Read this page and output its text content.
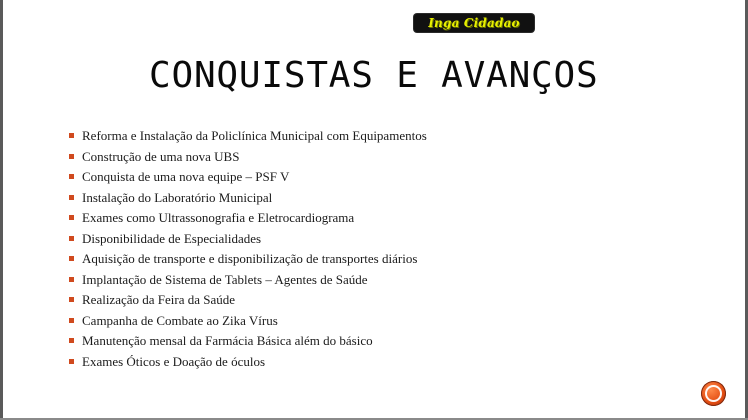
Inga Cidadao
CONQUISTAS E AVANÇOS
Reforma e Instalação da Policlínica Municipal com Equipamentos
Construção de uma nova UBS
Conquista de uma nova equipe – PSF V
Instalação do Laboratório Municipal
Exames como Ultrassonografia e Eletrocardiograma
Disponibilidade de Especialidades
Aquisição de transporte e disponibilização de transportes diários
Implantação de Sistema de Tablets – Agentes de Saúde
Realização da Feira da Saúde
Campanha de Combate ao Zika Vírus
Manutenção mensal da Farmácia Básica além do básico
Exames Óticos e Doação de óculos
